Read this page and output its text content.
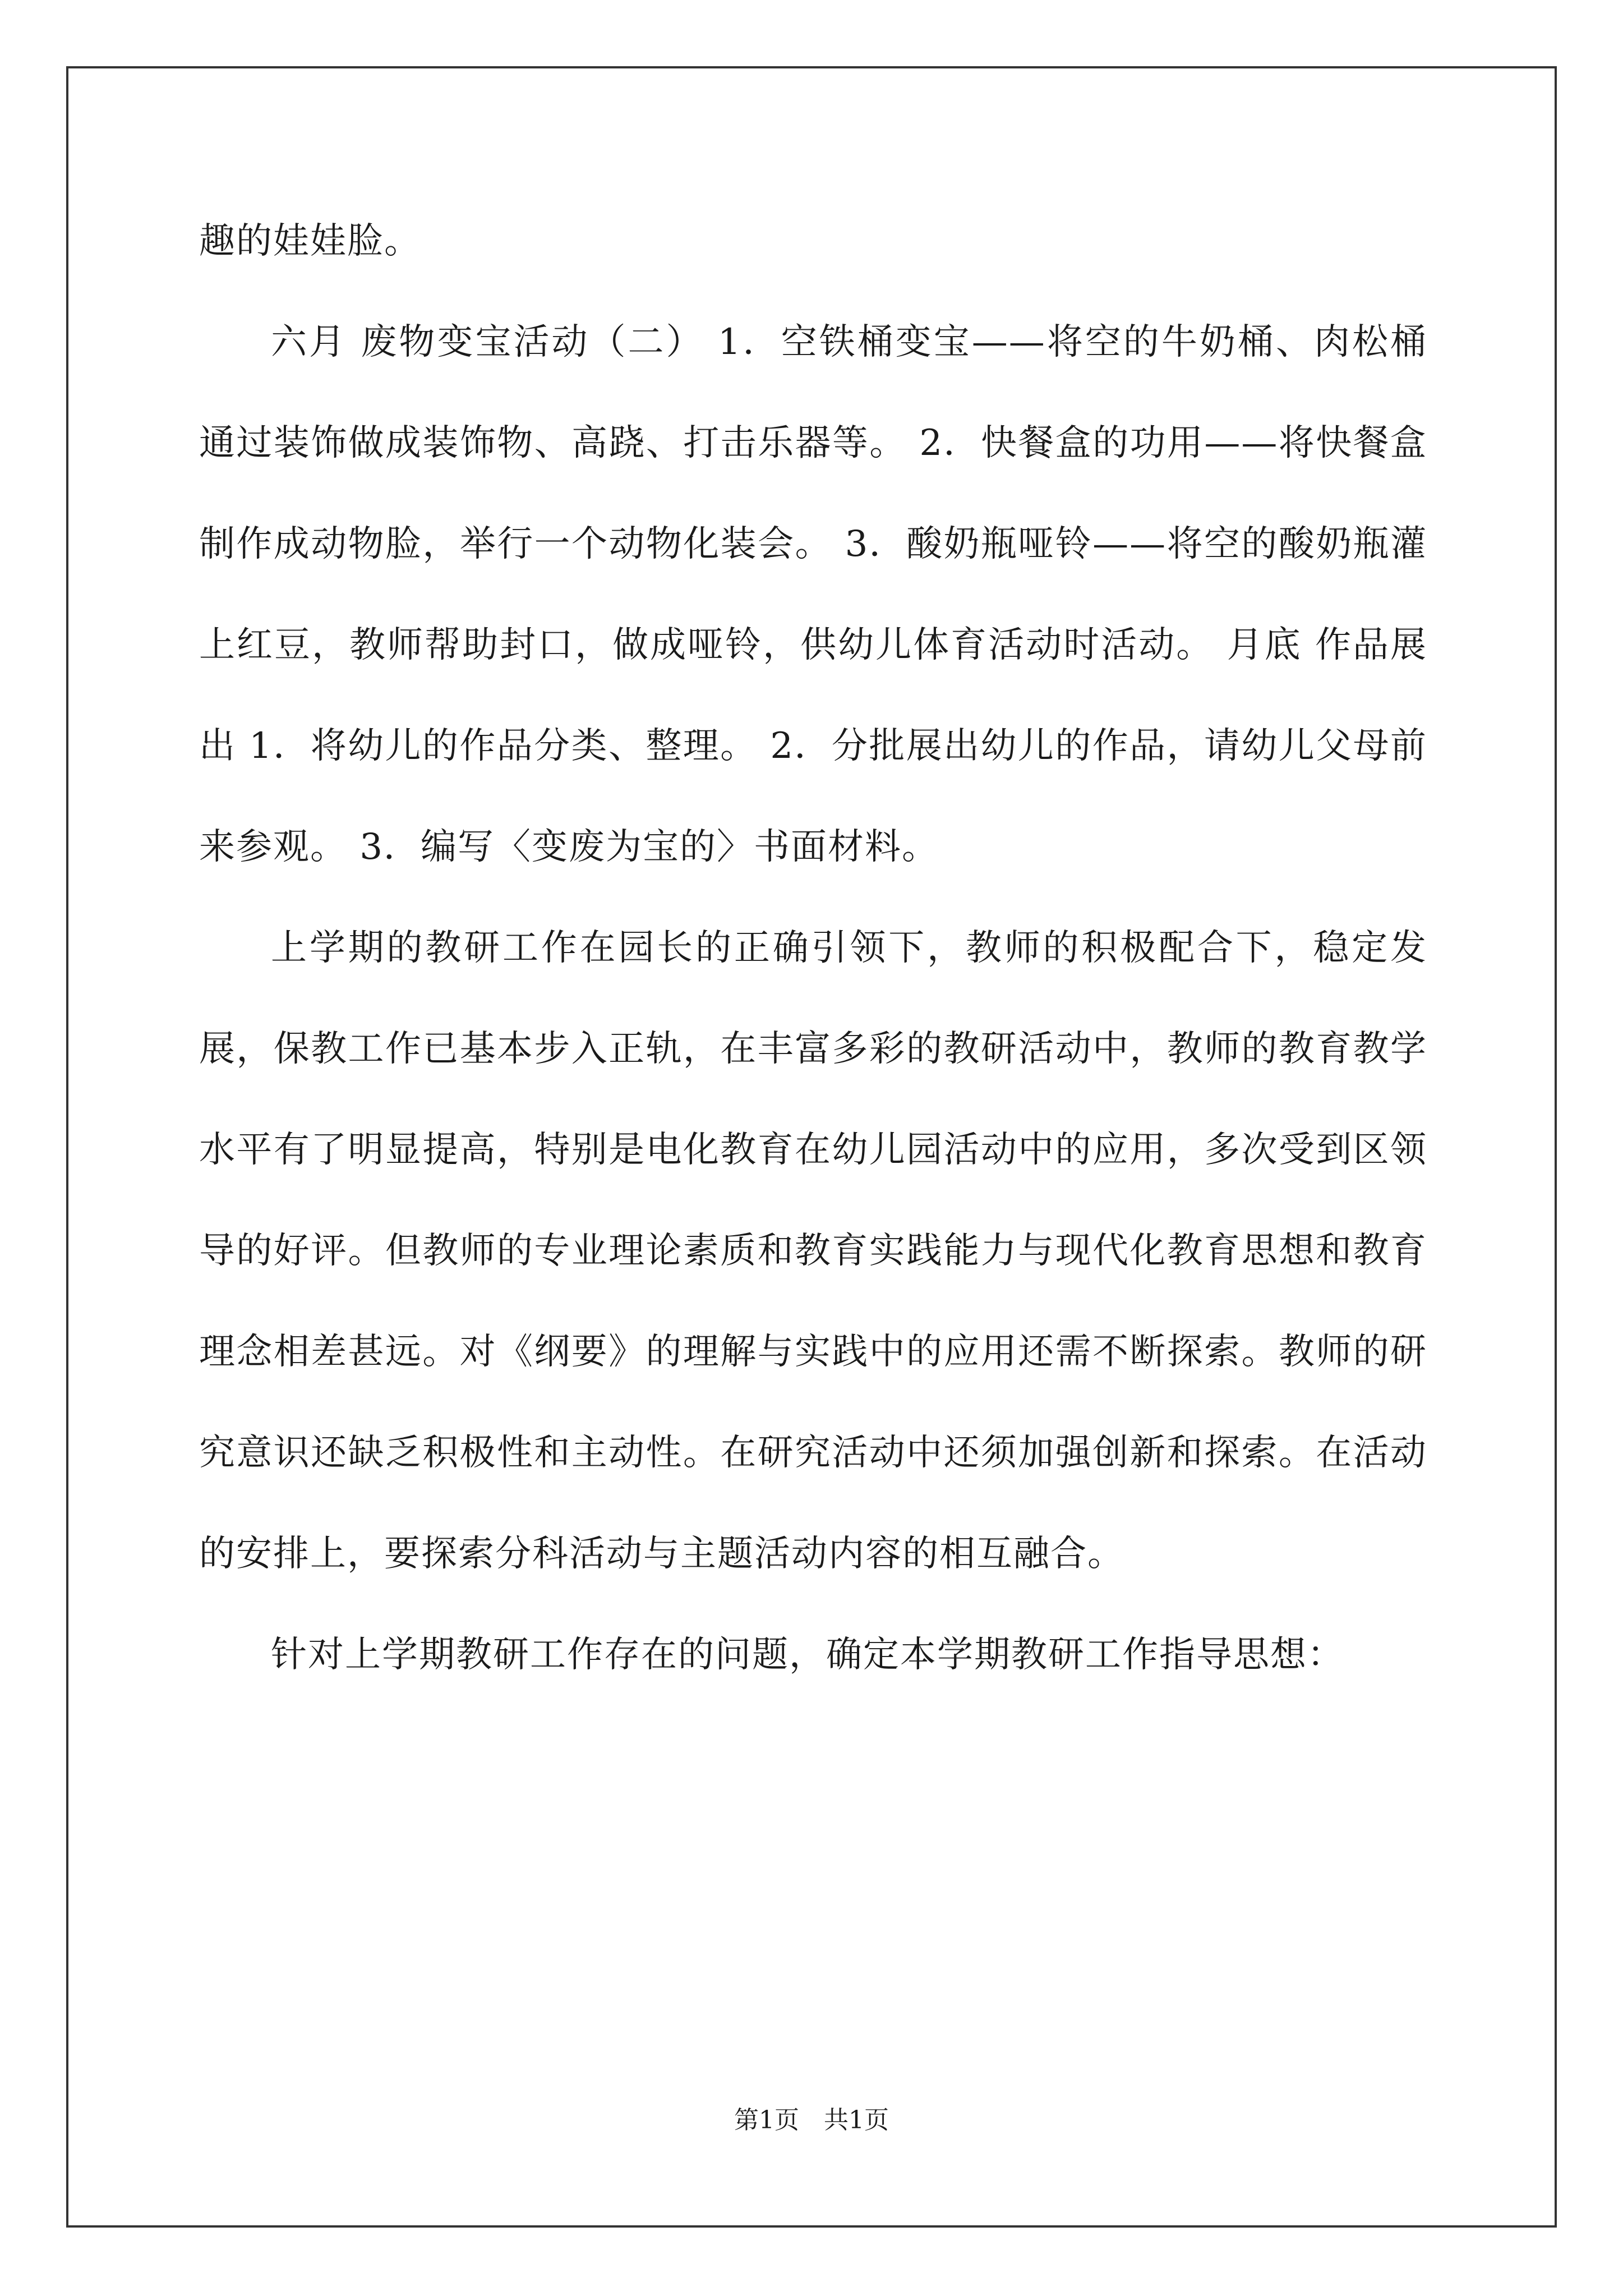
趣的娃娃脸。

六月 废物变宝活动（二） 1．空铁桶变宝——将空的牛奶桶、肉松桶通过装饰做成装饰物、高跷、打击乐器等。 2．快餐盒的功用——将快餐盒制作成动物脸，举行一个动物化装会。 3．酸奶瓶哑铃——将空的酸奶瓶灌上红豆，教师帮助封口，做成哑铃，供幼儿体育活动时活动。 月底 作品展出 1．将幼儿的作品分类、整理。 2．分批展出幼儿的作品，请幼儿父母前来参观。 3．编写〈变废为宝的〉书面材料。

上学期的教研工作在园长的正确引领下，教师的积极配合下，稳定发展，保教工作已基本步入正轨，在丰富多彩的教研活动中，教师的教育教学水平有了明显提高，特别是电化教育在幼儿园活动中的应用，多次受到区领导的好评。但教师的专业理论素质和教育实践能力与现代化教育思想和教育理念相差甚远。对《纲要》的理解与实践中的应用还需不断探索。教师的研究意识还缺乏积极性和主动性。在研究活动中还须加强创新和探索。在活动的安排上，要探索分科活动与主题活动内容的相互融合。

针对上学期教研工作存在的问题，确定本学期教研工作指导思想：

第1页　共1页
